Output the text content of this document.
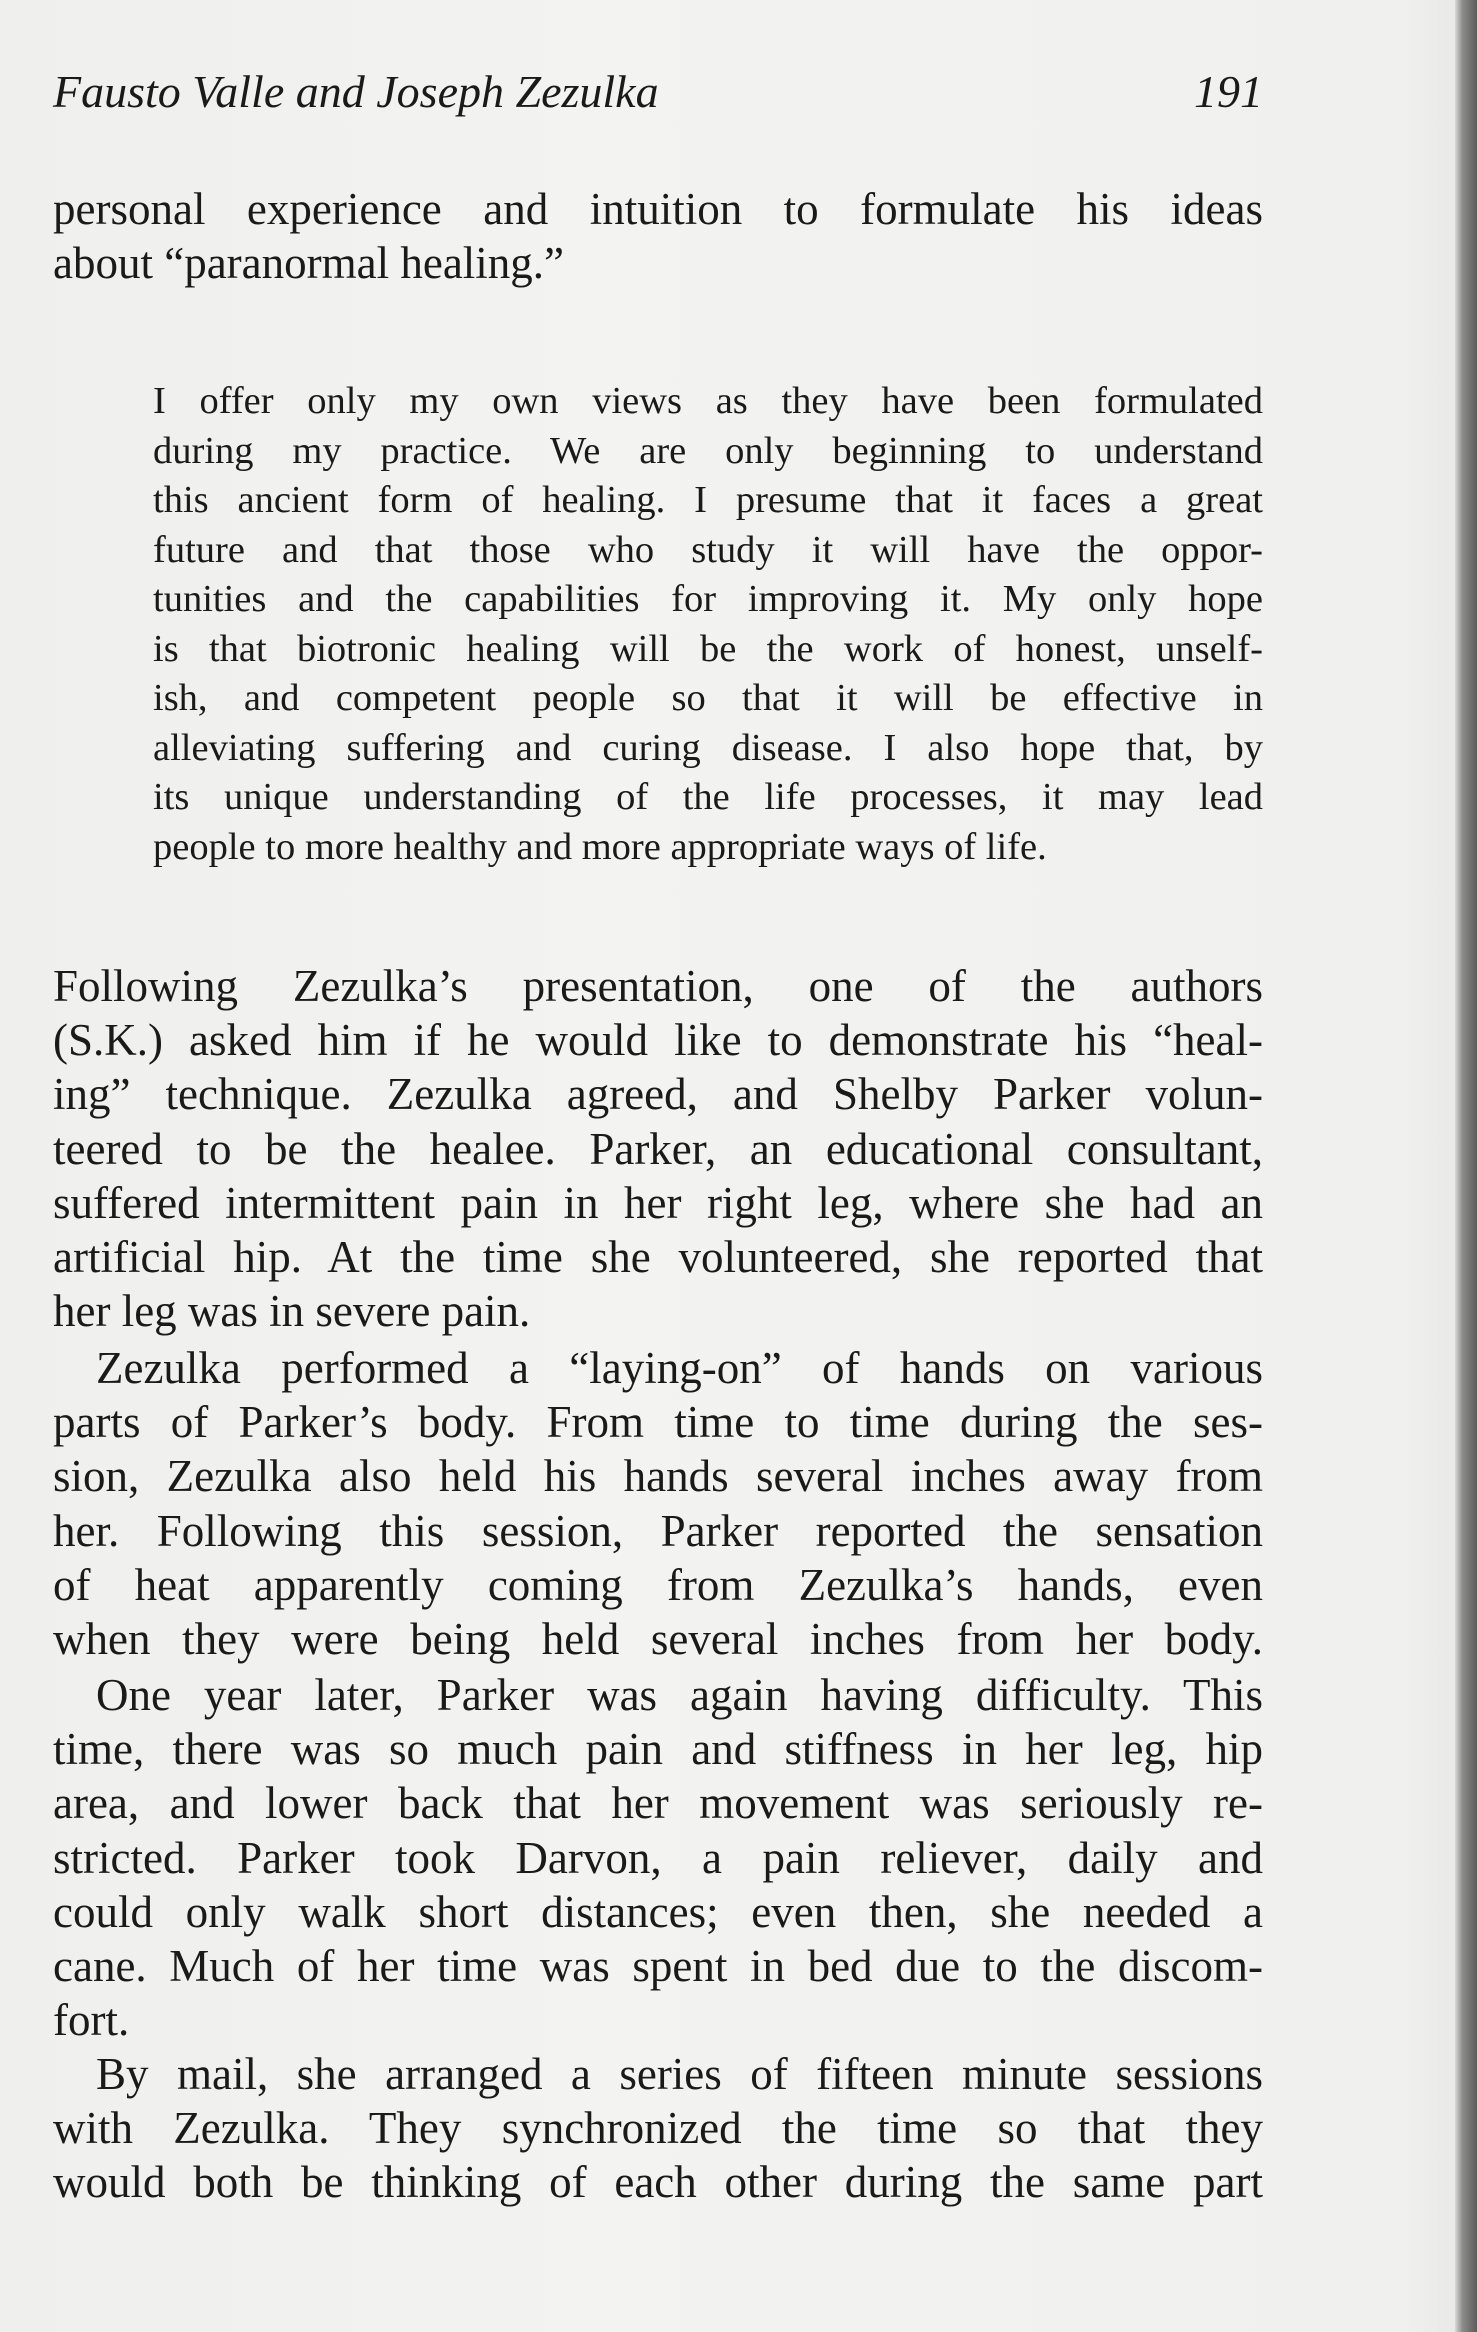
Fausto Valle and Joseph Zezulka	191

personal experience and intuition to formulate his ideas
about “paranormal healing.”

I offer only my own views as they have been formulated
during my practice. We are only beginning to understand
this ancient form of healing. I presume that it faces a great
future and that those who study it will have the oppor-
tunities and the capabilities for improving it. My only hope
is that biotronic healing will be the work of honest, unself-
ish, and competent people so that it will be effective in
alleviating suffering and curing disease. I also hope that, by
its unique understanding of the life processes, it may lead
people to more healthy and more appropriate ways of life.

Following Zezulka’s presentation, one of the authors
(S.K.) asked him if he would like to demonstrate his “heal-
ing” technique. Zezulka agreed, and Shelby Parker volun-
teered to be the healee. Parker, an educational consultant,
suffered intermittent pain in her right leg, where she had an
artificial hip. At the time she volunteered, she reported that
her leg was in severe pain.

Zezulka performed a “laying-on” of hands on various
parts of Parker’s body. From time to time during the ses-
sion, Zezulka also held his hands several inches away from
her. Following this session, Parker reported the sensation
of heat apparently coming from Zezulka’s hands, even
when they were being held several inches from her body.

One year later, Parker was again having difficulty. This
time, there was so much pain and stiffness in her leg, hip
area, and lower back that her movement was seriously re-
stricted. Parker took Darvon, a pain reliever, daily and
could only walk short distances; even then, she needed a
cane. Much of her time was spent in bed due to the discom-
fort.

By mail, she arranged a series of fifteen minute sessions
with Zezulka. They synchronized the time so that they
would both be thinking of each other during the same part
